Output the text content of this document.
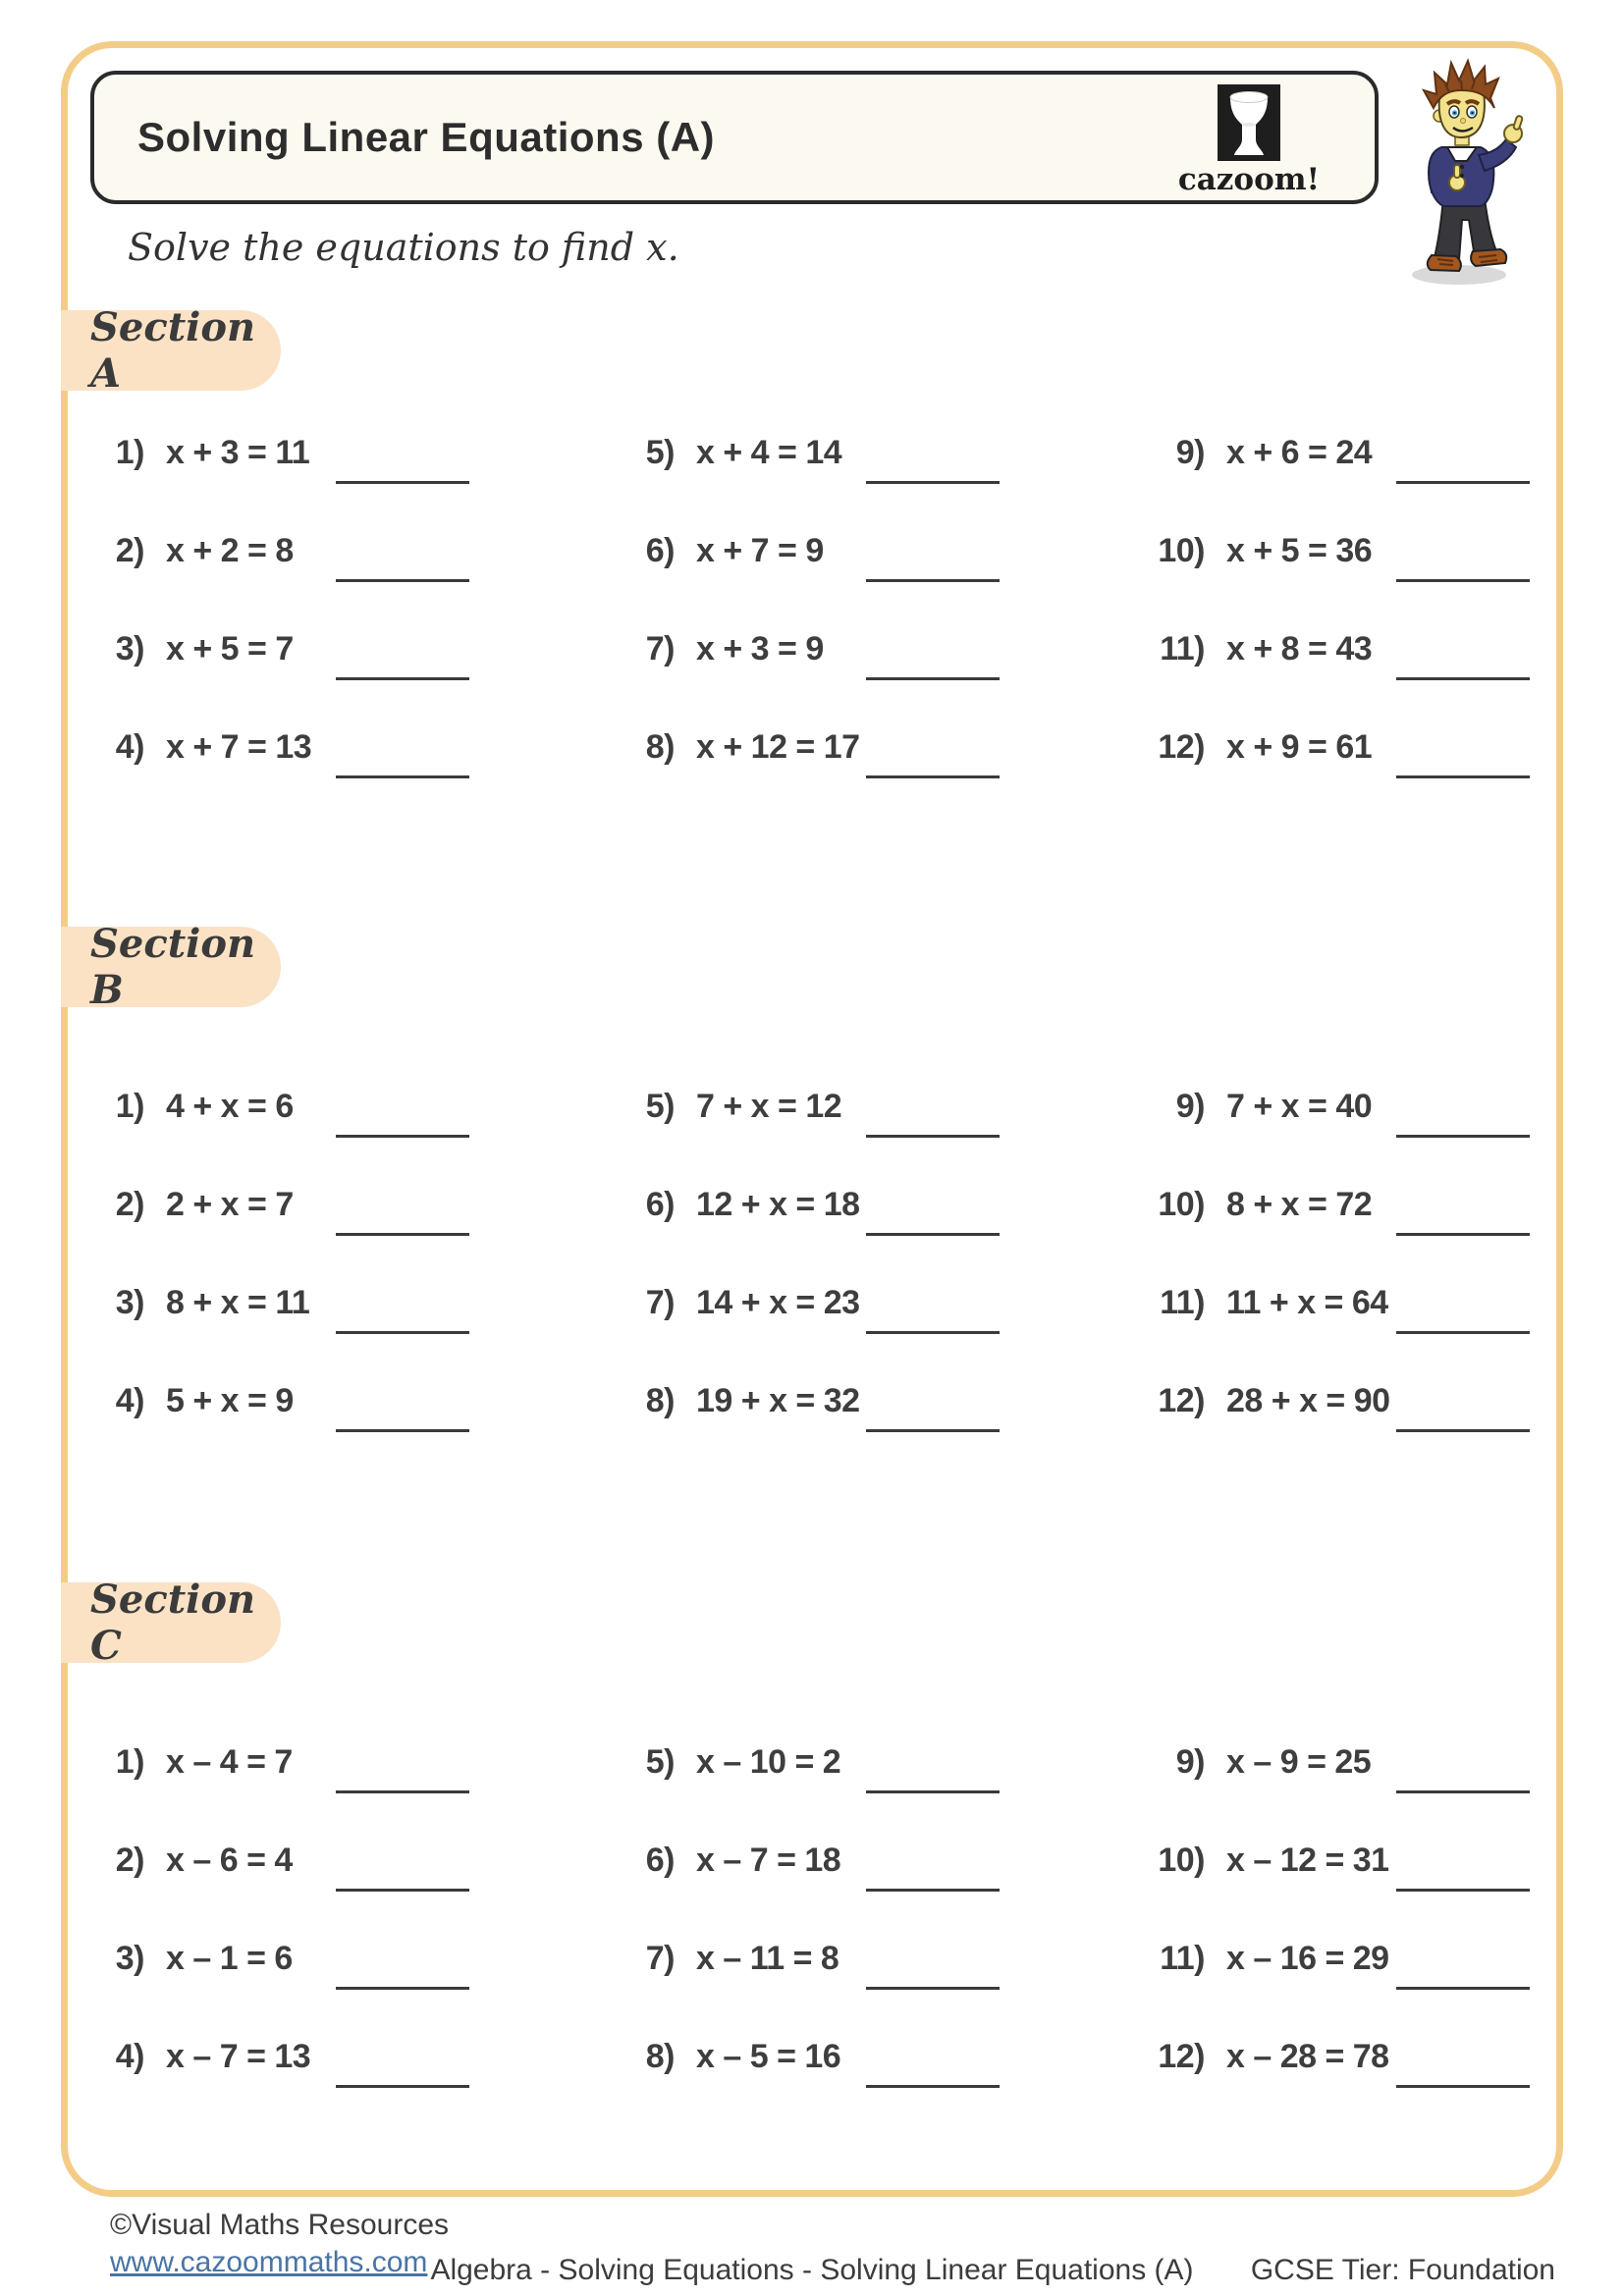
Solving Linear Equations (A)
cazoom!
Solve the equations to find x.
Section A
1) x + 3 = 11
2) x + 2 = 8
3) x + 5 = 7
4) x + 7 = 13
5) x + 4 = 14
6) x + 7 = 9
7) x + 3 = 9
8) x + 12 = 17
9) x + 6 = 24
10) x + 5 = 36
11) x + 8 = 43
12) x + 9 = 61
Section B
1) 4 + x = 6
2) 2 + x = 7
3) 8 + x = 11
4) 5 + x = 9
5) 7 + x = 12
6) 12 + x = 18
7) 14 + x = 23
8) 19 + x = 32
9) 7 + x = 40
10) 8 + x = 72
11) 11 + x = 64
12) 28 + x = 90
Section C
1) x – 4 = 7
2) x – 6 = 4
3) x – 1 = 6
4) x – 7 = 13
5) x – 10 = 2
6) x – 7 = 18
7) x – 11 = 8
8) x – 5 = 16
9) x – 9 = 25
10) x – 12 = 31
11) x – 16 = 29
12) x – 28 = 78
©Visual Maths Resources
www.cazoommaths.com Algebra - Solving Equations - Solving Linear Equations (A) GCSE Tier: Foundation
